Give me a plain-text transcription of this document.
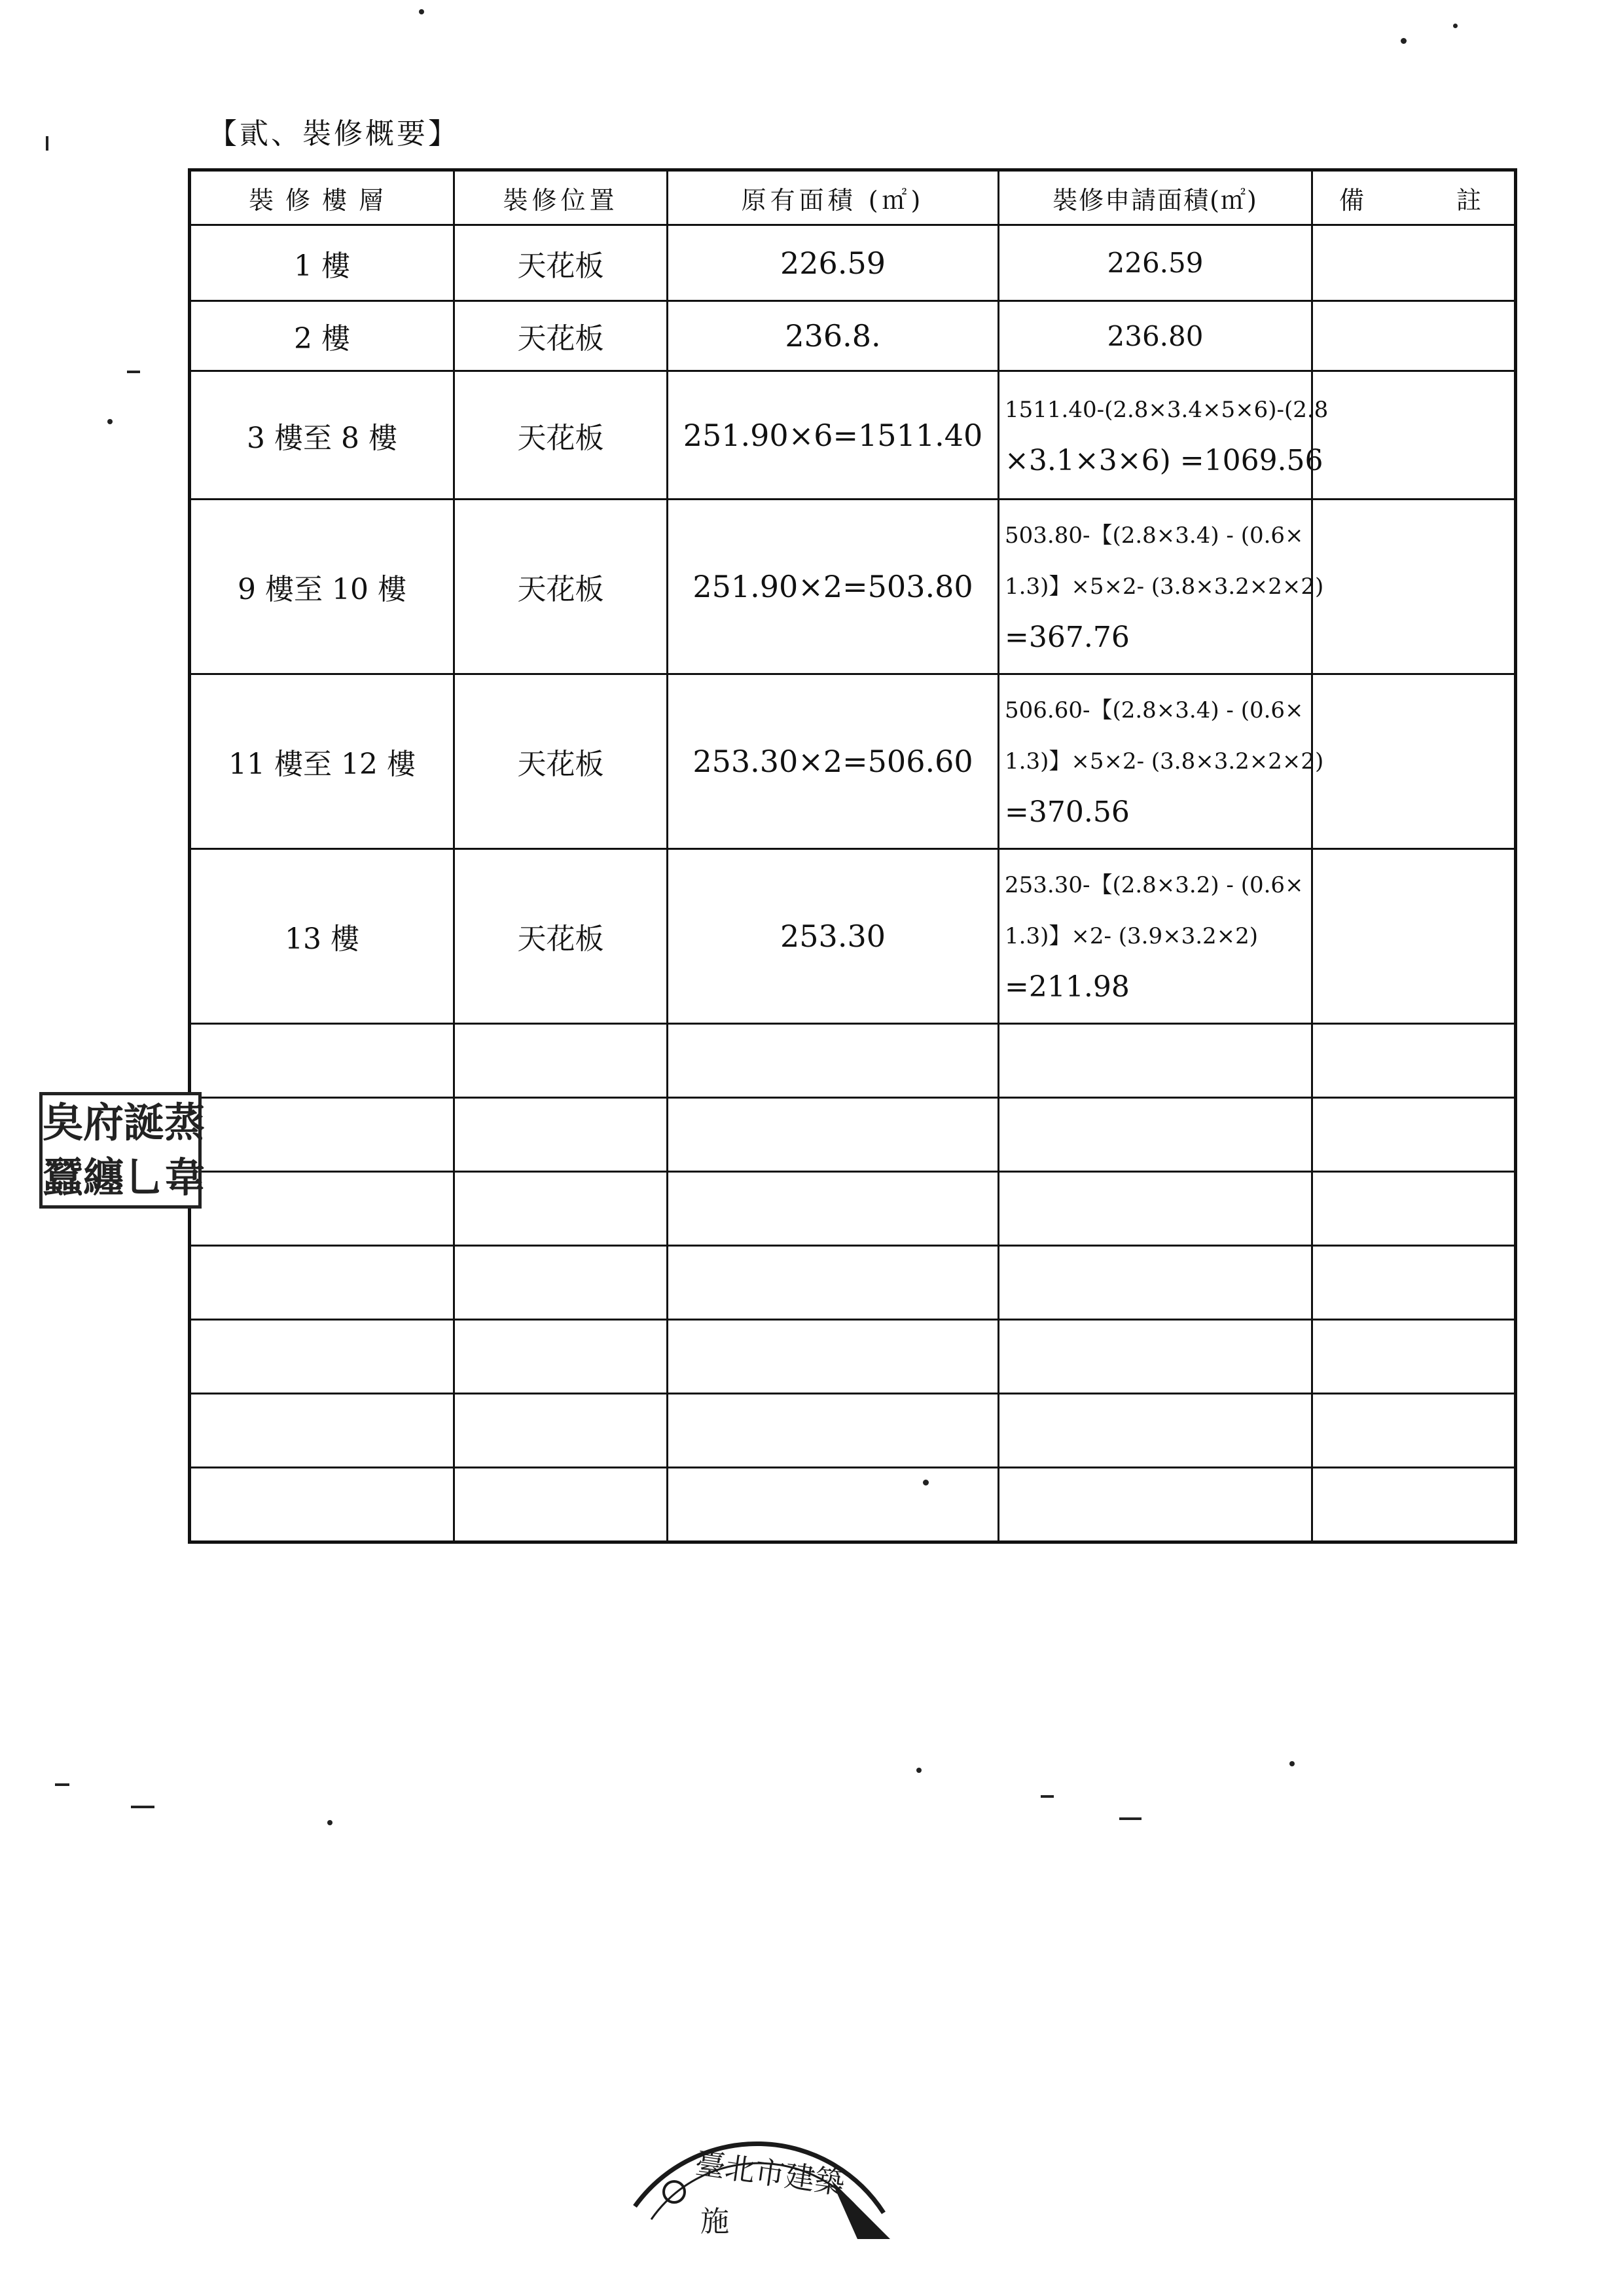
【貳、裝修概要】
裝修樓層	裝修位置	原有面積 (㎡)	裝修申請面積(㎡)	備 註

1 樓	天花板	226.59	226.59	
2 樓	天花板	236.8.	236.80	
3 樓至 8 樓	天花板	251.90×6=1511.40	1511.40-(2.8×3.4×5×6)-(2.8
×3.1×3×6) =1069.56	

9 樓至 10 樓	天花板	251.90×2=503.80	503.80-【(2.8×3.4) - (0.6×
1.3)】×5×2- (3.8×3.2×2×2)
=367.76	

11 樓至 12 樓	天花板	253.30×2=506.60	506.60-【(2.8×3.4) - (0.6×
1.3)】×5×2- (3.8×3.2×2×2)
=370.56	

13 樓	天花板	253.30	253.30-【(2.8×3.2) - (0.6×
1.3)】×2- (3.9×3.2×2)
=211.98	

㚖 府 誕 蒸
蠶 纏 乚 韋
臺北市建築
施
